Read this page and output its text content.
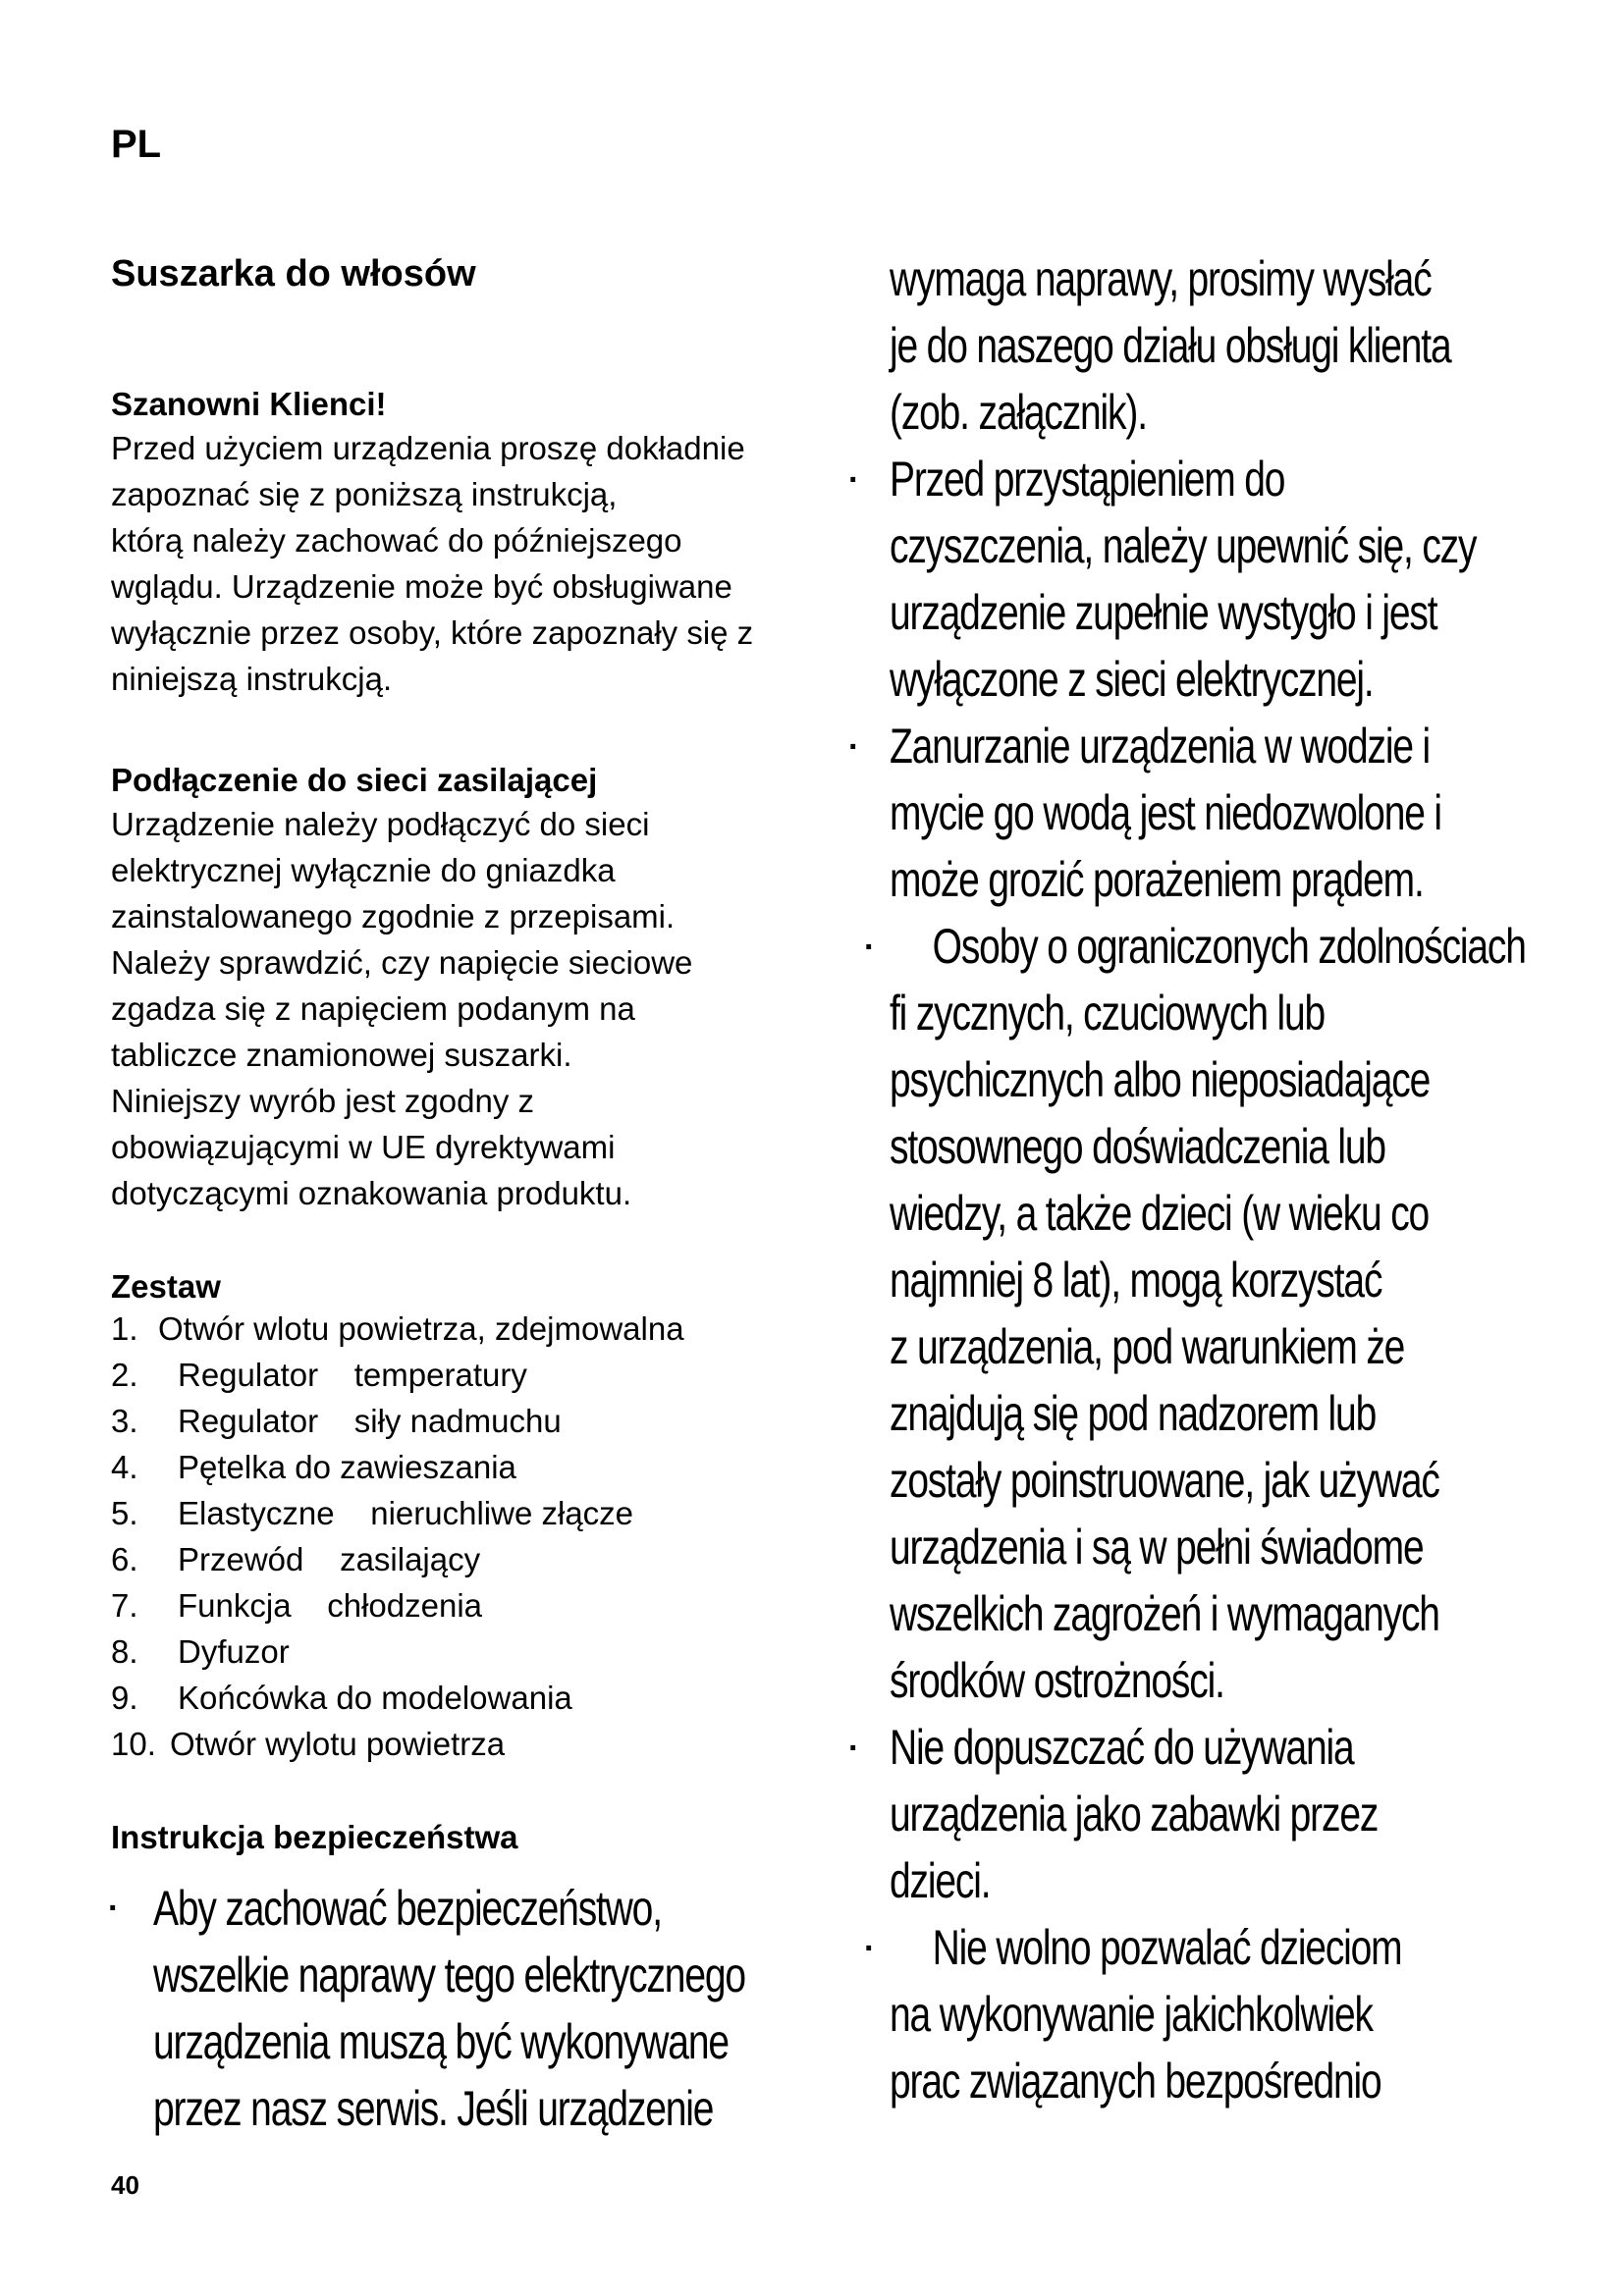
PL
Suszarka do włosów
Szanowni Klienci!
Przed użyciem urządzenia proszę dokładnie
zapoznać się z poniższą instrukcją,
którą należy zachować do późniejszego
wglądu. Urządzenie może być obsługiwane
wyłącznie przez osoby, które zapoznały się z
niniejszą instrukcją.
Podłączenie do sieci zasilającej
Urządzenie należy podłączyć do sieci
elektrycznej wyłącznie do gniazdka
zainstalowanego zgodnie z przepisami.
Należy sprawdzić, czy napięcie sieciowe
zgadza się z napięciem podanym na
tabliczce znamionowej suszarki.
Niniejszy wyrób jest zgodny z
obowiązującymi w UE dyrektywami
dotyczącymi oznakowania produktu.
Zestaw
1. Otwór wlotu powietrza, zdejmowalna
2.	Regulator    temperatury
3.	Regulator    siły nadmuchu
4.	Pętelka do zawieszania
5.	Elastyczne    nieruchliwe złącze
6.	Przewód    zasilający
7.	Funkcja    chłodzenia
8.	Dyfuzor
9.	Końcówka do modelowania
10. Otwór wylotu powietrza
Instrukcja bezpieczeństwa
· Aby zachować bezpieczeństwo,
wszelkie naprawy tego elektrycznego
urządzenia muszą być wykonywane
przez nasz serwis. Jeśli urządzenie
·
·
·
·
·
wymaga naprawy, prosimy wysłać
je do naszego działu obsługi klienta
(zob. załącznik).
Przed przystąpieniem do
czyszczenia, należy upewnić się, czy
urządzenie zupełnie wystygło i jest
wyłączone z sieci elektrycznej.
Zanurzanie urządzenia w wodzie i
mycie go wodą jest niedozwolone i
może grozić porażeniem prądem.
Osoby o ograniczonych zdolnościach
fi zycznych, czuciowych lub
psychicznych albo nieposiadające
stosownego doświadczenia lub
wiedzy, a także dzieci (w wieku co
najmniej 8 lat), mogą korzystać
z urządzenia, pod warunkiem że
znajdują się pod nadzorem lub
zostały poinstruowane, jak używać
urządzenia i są w pełni świadome
wszelkich zagrożeń i wymaganych
środków ostrożności.
Nie dopuszczać do używania
urządzenia jako zabawki przez
dzieci.
Nie wolno pozwalać dzieciom
na wykonywanie jakichkolwiek
prac związanych bezpośrednio
40
